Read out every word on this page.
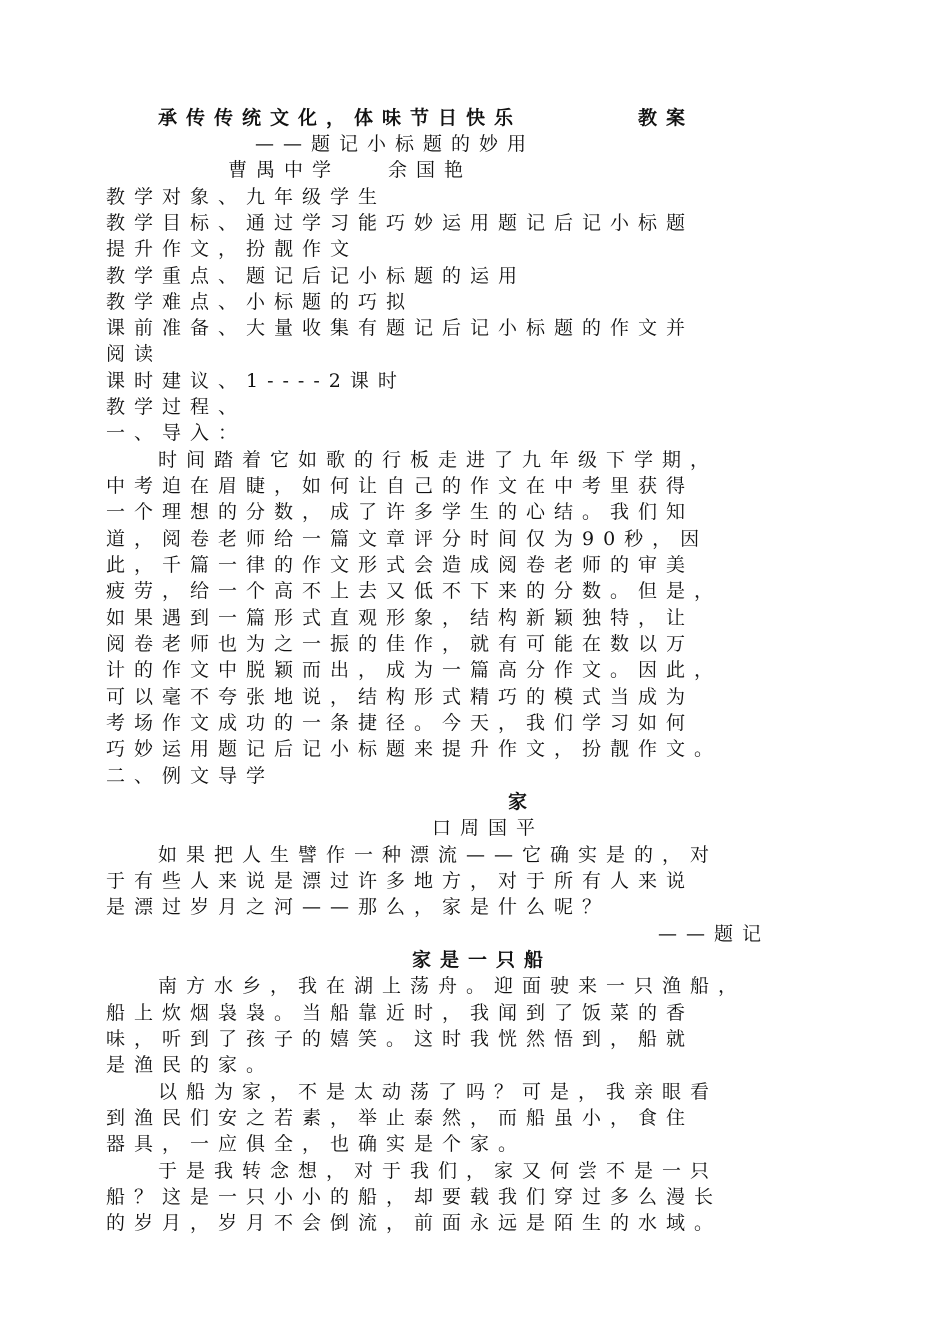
承传传统文化，体味节日快乐	教案
——题记小标题的妙用
曹禺中学	余国艳
教学对象、九年级学生
教学目标、通过学习能巧妙运用题记后记小标题
提升作文，扮靓作文
教学重点、题记后记小标题的运用
教学难点、小标题的巧拟
课前准备、大量收集有题记后记小标题的作文并
阅读
课时建议、1----2课时
教学过程、
一、导入：
时间踏着它如歌的行板走进了九年级下学期，
中考迫在眉睫，如何让自己的作文在中考里获得
一个理想的分数，成了许多学生的心结。我们知
道，阅卷老师给一篇文章评分时间仅为90秒，因
此，千篇一律的作文形式会造成阅卷老师的审美
疲劳，给一个高不上去又低不下来的分数。但是，
如果遇到一篇形式直观形象，结构新颖独特，让
阅卷老师也为之一振的佳作，就有可能在数以万
计的作文中脱颖而出，成为一篇高分作文。因此，
可以毫不夸张地说，结构形式精巧的模式当成为
考场作文成功的一条捷径。今天，我们学习如何
巧妙运用题记后记小标题来提升作文，扮靓作文。
二、例文导学
家
口周国平
如果把人生譬作一种漂流——它确实是的，对
于有些人来说是漂过许多地方，对于所有人来说
是漂过岁月之河——那么，家是什么呢？
——题记
家是一只船
南方水乡，我在湖上荡舟。迎面驶来一只渔船，
船上炊烟袅袅。当船靠近时，我闻到了饭菜的香
味，听到了孩子的嬉笑。这时我恍然悟到，船就
是渔民的家。
以船为家，不是太动荡了吗？可是，我亲眼看
到渔民们安之若素，举止泰然，而船虽小，食住
器具，一应俱全，也确实是个家。
于是我转念想，对于我们，家又何尝不是一只
船？这是一只小小的船，却要载我们穿过多么漫长
的岁月，岁月不会倒流，前面永远是陌生的水域。
